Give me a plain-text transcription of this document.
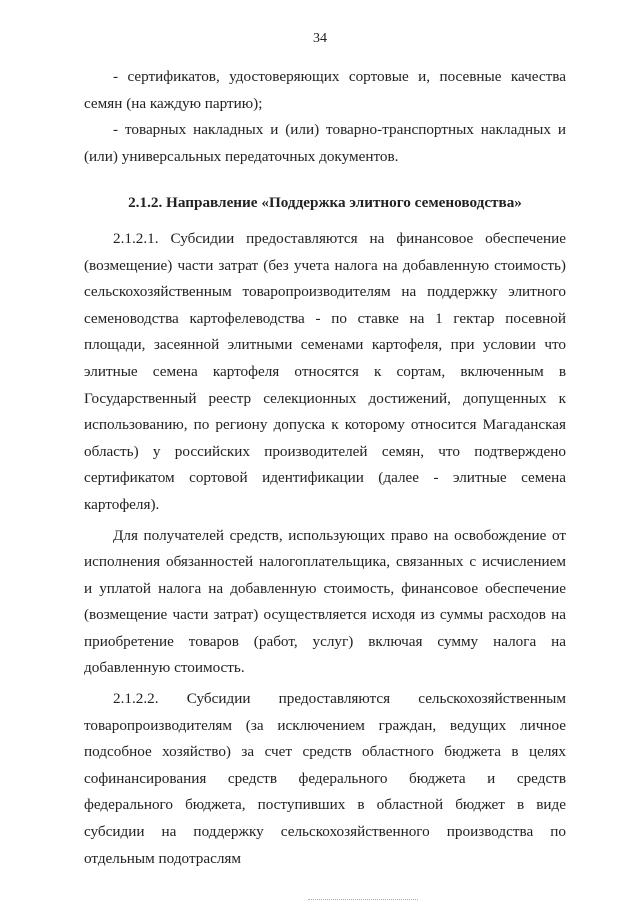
34

- сертификатов, удостоверяющих сортовые и, посевные качества семян (на каждую партию);

- товарных накладных и (или) товарно-транспортных накладных и (или) универсальных передаточных документов.

2.1.2. Направление «Поддержка элитного семеноводства»

2.1.2.1. Субсидии предоставляются на финансовое обеспечение (возмещение) части затрат (без учета налога на добавленную стоимость) сельскохозяйственным товаропроизводителям на поддержку элитного семеноводства картофелеводства - по ставке на 1 гектар посевной площади, засеянной элитными семенами картофеля, при условии что элитные семена картофеля относятся к сортам, включенным в Государственный реестр селекционных достижений, допущенных к использованию, по региону допуска к которому относится Магаданская область) у российских производителей семян, что подтверждено сертификатом сортовой идентификации (далее - элитные семена картофеля).

Для получателей средств, использующих право на освобождение от исполнения обязанностей налогоплательщика, связанных с исчислением и уплатой налога на добавленную стоимость, финансовое обеспечение (возмещение части затрат) осуществляется исходя из суммы расходов на приобретение товаров (работ, услуг) включая сумму налога на добавленную стоимость.

2.1.2.2. Субсидии предоставляются сельскохозяйственным товаропроизводителям (за исключением граждан, ведущих личное подсобное хозяйство) за счет средств областного бюджета в целях софинансирования средств федерального бюджета и средств федерального бюджета, поступивших в областной бюджет в виде субсидии на поддержку сельскохозяйственного производства по отдельным подотраслям
